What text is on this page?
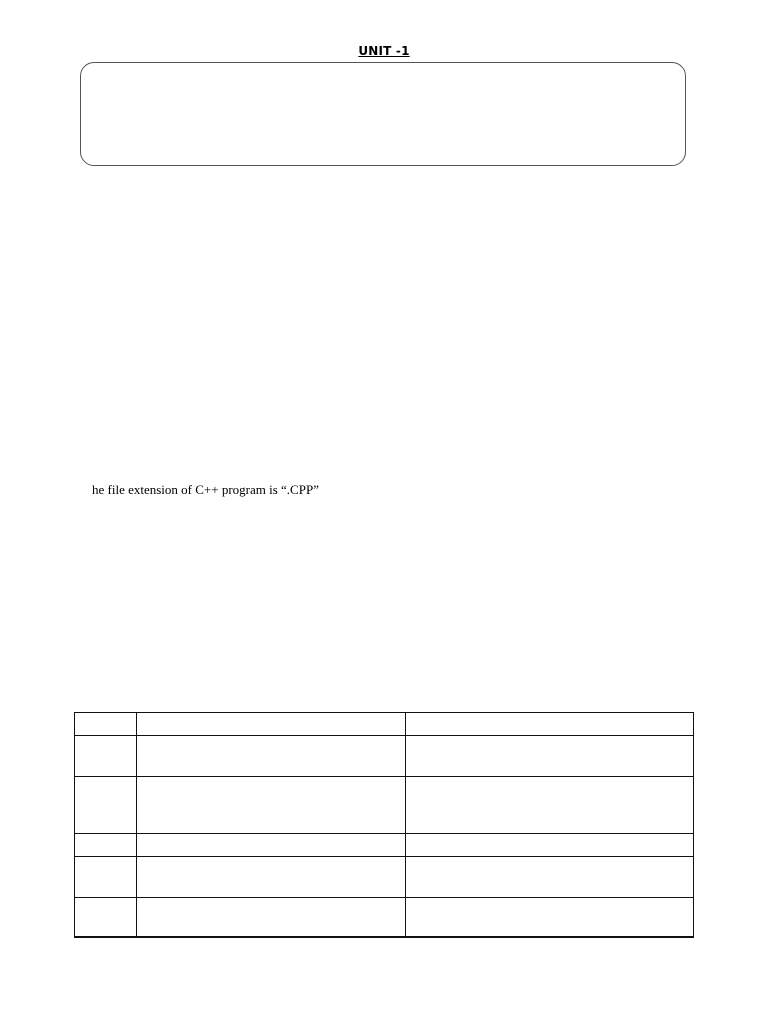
UNIT -1
he file extension of C++ program is “.CPP”
